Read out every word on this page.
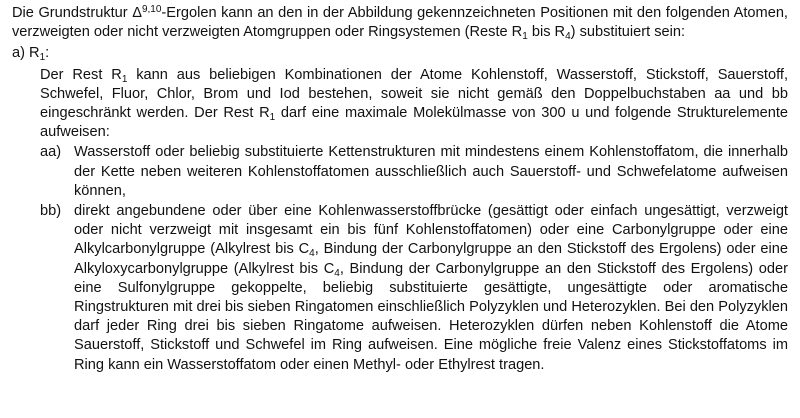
Die Grundstruktur Δ$^{9,10}$-Ergolen kann an den in der Abbildung gekennzeichneten Positionen mit den folgenden Atomen, verzweigten oder nicht verzweigten Atomgruppen oder Ringsystemen (Reste $R_1$ bis $R_4$) substituiert sein:

a) $R_1$:

Der Rest $R_1$ kann aus beliebigen Kombinationen der Atome Kohlenstoff, Wasserstoff, Stickstoff, Sauerstoff, Schwefel, Fluor, Chlor, Brom und Iod bestehen, soweit sie nicht gemäß den Doppelbuchstaben aa und bb eingeschränkt werden. Der Rest $R_1$ darf eine maximale Molekülmasse von 300 u und folgende Strukturelemente aufweisen:

aa) Wasserstoff oder beliebig substituierte Kettenstrukturen mit mindestens einem Kohlenstoffatom, die innerhalb der Kette neben weiteren Kohlenstoffatomen ausschließlich auch Sauerstoff- und Schwefelatome aufweisen können,

bb) direkt angebundene oder über eine Kohlenwasserstoffbrücke (gesättigt oder einfach ungesättigt, verzweigt oder nicht verzweigt mit insgesamt ein bis fünf Kohlenstoffatomen) oder eine Carbonylgruppe oder eine Alkylcarbonylgruppe (Alkylrest bis $C_4$, Bindung der Carbonylgruppe an den Stickstoff des Ergolens) oder eine Alkyloxycarbonylgruppe (Alkylrest bis $C_4$, Bindung der Carbonylgruppe an den Stickstoff des Ergolens) oder eine Sulfonylgruppe gekoppelte, beliebig substituierte gesättigte, ungesättigte oder aromatische Ringstrukturen mit drei bis sieben Ringatomen einschließlich Polyzyklen und Heterozyklen. Bei den Polyzyklen darf jeder Ring drei bis sieben Ringatome aufweisen. Heterozyklen dürfen neben Kohlenstoff die Atome Sauerstoff, Stickstoff und Schwefel im Ring aufweisen. Eine mögliche freie Valenz eines Stickstoffatoms im Ring kann ein Wasserstoffatom oder einen Methyl- oder Ethylrest tragen.
